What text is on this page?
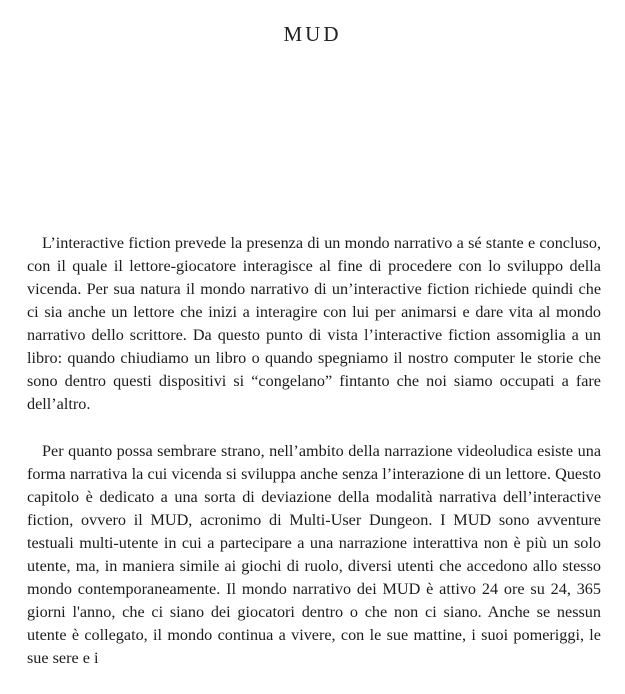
MUD

L’interactive fiction prevede la presenza di un mondo narrativo a sé stante e concluso, con il quale il lettore-giocatore interagisce al fine di procedere con lo sviluppo della vicenda. Per sua natura il mondo narrativo di un’interactive fiction richiede quindi che ci sia anche un lettore che inizi a interagire con lui per animarsi e dare vita al mondo narrativo dello scrittore. Da questo punto di vista l’interactive fiction assomiglia a un libro: quando chiudiamo un libro o quando spegniamo il nostro computer le storie che sono dentro questi dispositivi si “congelano” fintanto che noi siamo occupati a fare dell’altro.

Per quanto possa sembrare strano, nell’ambito della narrazione videoludica esiste una forma narrativa la cui vicenda si sviluppa anche senza l’interazione di un lettore. Questo capitolo è dedicato a una sorta di deviazione della modalità narrativa dell’interactive fiction, ovvero il MUD, acronimo di Multi-User Dungeon. I MUD sono avventure testuali multi-utente in cui a partecipare a una narrazione interattiva non è più un solo utente, ma, in maniera simile ai giochi di ruolo, diversi utenti che accedono allo stesso mondo contemporaneamente. Il mondo narrativo dei MUD è attivo 24 ore su 24, 365 giorni l'anno, che ci siano dei giocatori dentro o che non ci siano. Anche se nessun utente è collegato, il mondo continua a vivere, con le sue mattine, i suoi pomeriggi, le sue sere e i
